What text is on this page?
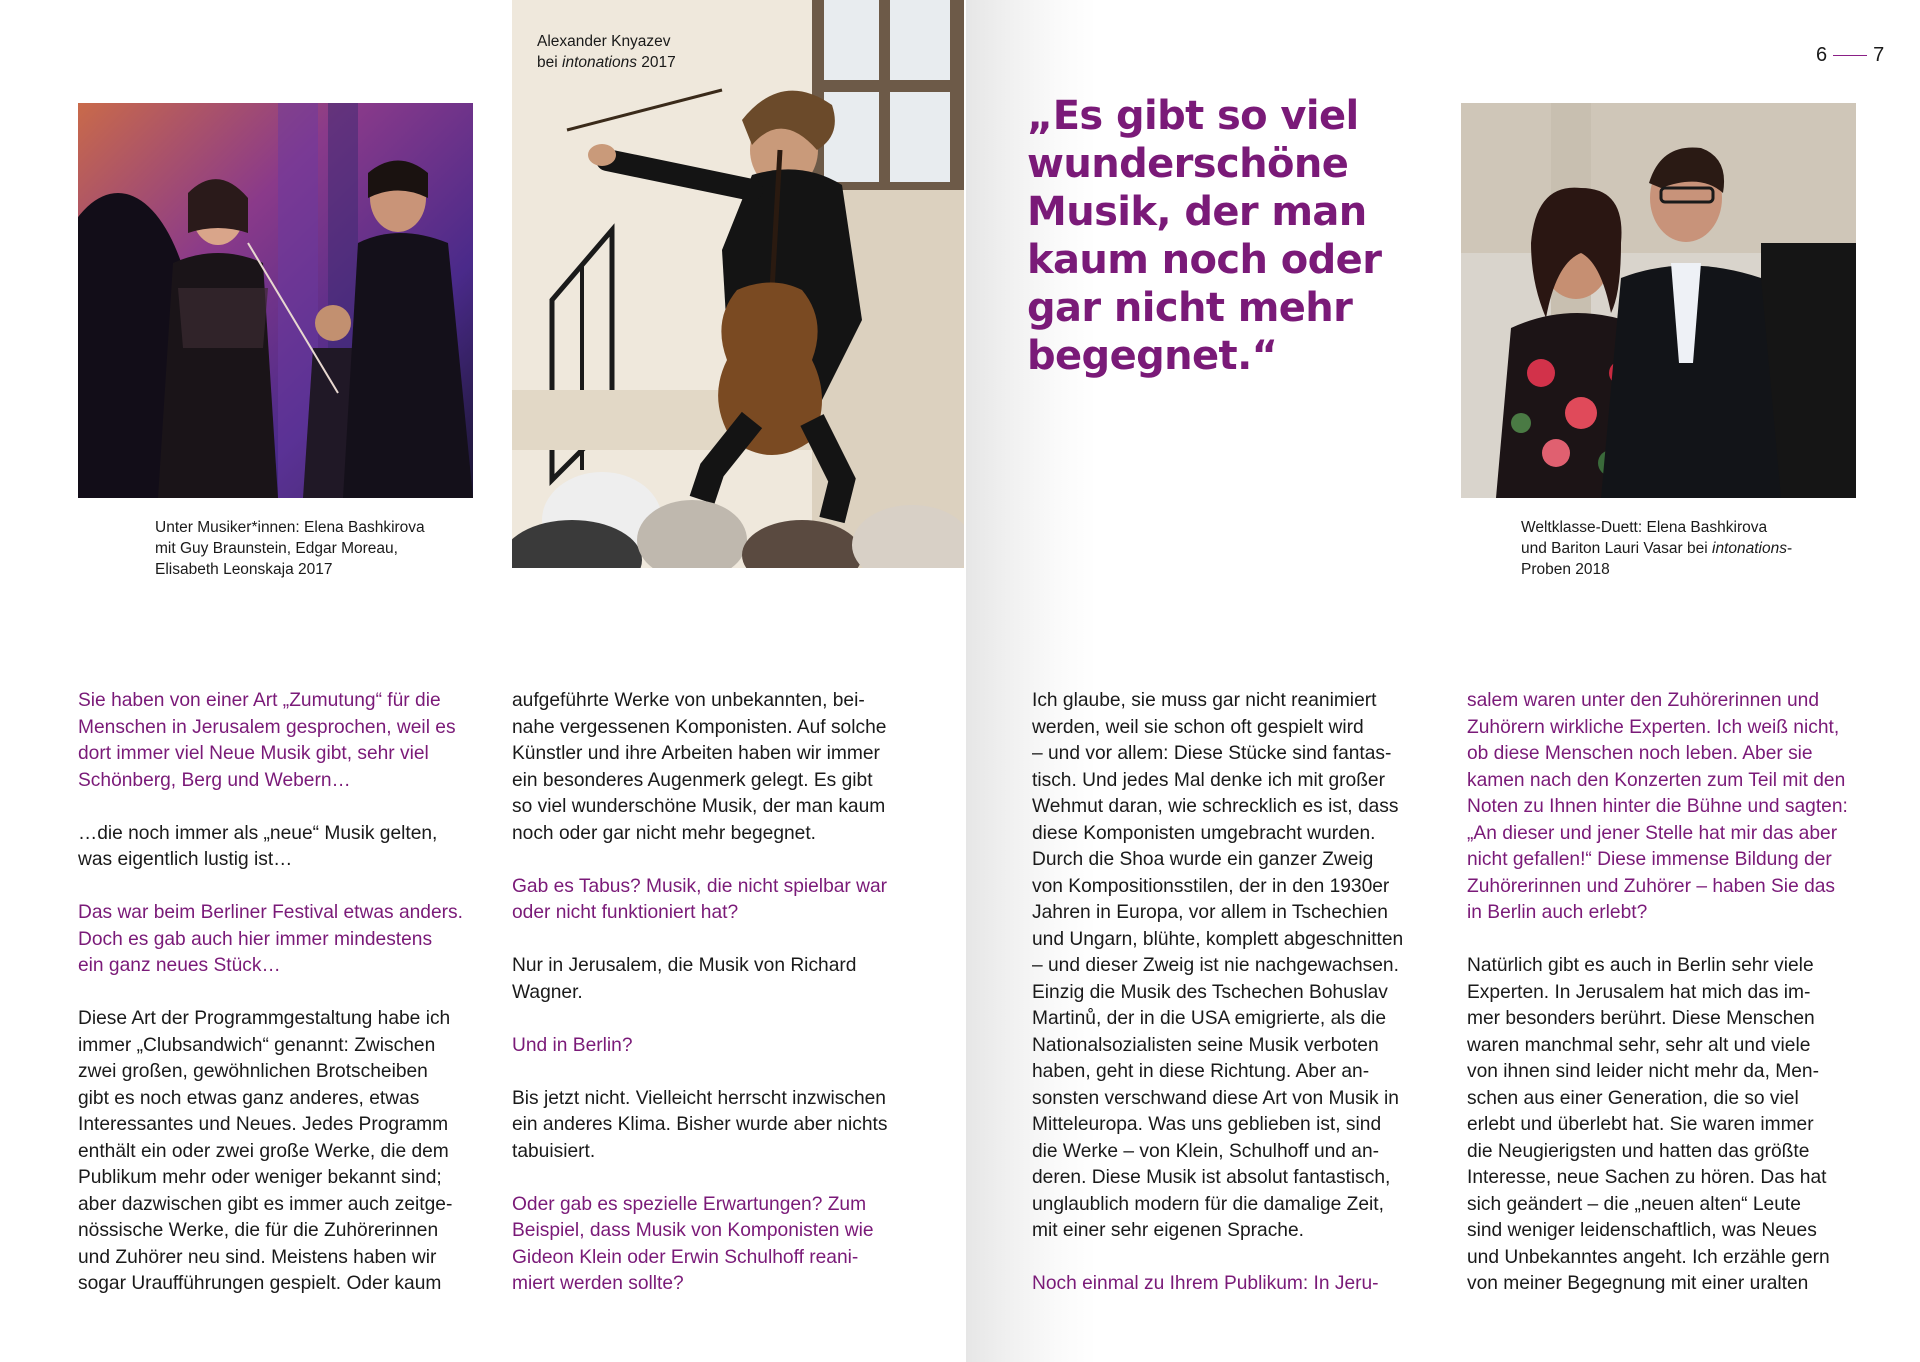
6 7
Unter Musiker*innen: Elena Bashkirova
mit Guy Braunstein, Edgar Moreau,
Elisabeth Leonskaja 2017
Alexander Knyazev
bei intonations 2017
Weltklasse-Duett: Elena Bashkirova
und Bariton Lauri Vasar bei intonations-
Proben 2018
„Es gibt so viel
wunderschöne
Musik, der man
kaum noch oder
gar nicht mehr
begegnet.“

Sie haben von einer Art „Zumutung“ für die
Menschen in Jerusalem gesprochen, weil es
dort immer viel Neue Musik gibt, sehr viel
Schönberg, Berg und Webern…

…die noch immer als „neue“ Musik gelten,
was eigentlich lustig ist…

Das war beim Berliner Festival etwas anders.
Doch es gab auch hier immer mindestens
ein ganz neues Stück…

Diese Art der Programmgestaltung habe ich
immer „Clubsandwich“ genannt: Zwischen
zwei großen, gewöhnlichen Brotscheiben
gibt es noch etwas ganz anderes, etwas
Interessantes und Neues. Jedes Programm
enthält ein oder zwei große Werke, die dem
Publikum mehr oder weniger bekannt sind;
aber dazwischen gibt es immer auch zeitge-
nössische Werke, die für die Zuhörerinnen
und Zuhörer neu sind. Meistens haben wir
sogar Uraufführungen gespielt. Oder kaum

aufgeführte Werke von unbekannten, bei-
nahe vergessenen Komponisten. Auf solche
Künstler und ihre Arbeiten haben wir immer
ein besonderes Augenmerk gelegt. Es gibt
so viel wunderschöne Musik, der man kaum
noch oder gar nicht mehr begegnet.

Gab es Tabus? Musik, die nicht spielbar war
oder nicht funktioniert hat?

Nur in Jerusalem, die Musik von Richard
Wagner.

Und in Berlin?

Bis jetzt nicht. Vielleicht herrscht inzwischen
ein anderes Klima. Bisher wurde aber nichts
tabuisiert.

Oder gab es spezielle Erwartungen? Zum
Beispiel, dass Musik von Komponisten wie
Gideon Klein oder Erwin Schulhoff reani-
miert werden sollte?

Ich glaube, sie muss gar nicht reanimiert
werden, weil sie schon oft gespielt wird
– und vor allem: Diese Stücke sind fantas-
tisch. Und jedes Mal denke ich mit großer
Wehmut daran, wie schrecklich es ist, dass
diese Komponisten umgebracht wurden.
Durch die Shoa wurde ein ganzer Zweig
von Kompositionsstilen, der in den 1930er
Jahren in Europa, vor allem in Tschechien
und Ungarn, blühte, komplett abgeschnitten
– und dieser Zweig ist nie nachgewachsen.
Einzig die Musik des Tschechen Bohuslav
Martinů, der in die USA emigrierte, als die
Nationalsozialisten seine Musik verboten
haben, geht in diese Richtung. Aber an-
sonsten verschwand diese Art von Musik in
Mitteleuropa. Was uns geblieben ist, sind
die Werke – von Klein, Schulhoff und an-
deren. Diese Musik ist absolut fantastisch,
unglaublich modern für die damalige Zeit,
mit einer sehr eigenen Sprache.

Noch einmal zu Ihrem Publikum: In Jeru-

salem waren unter den Zuhörerinnen und
Zuhörern wirkliche Experten. Ich weiß nicht,
ob diese Menschen noch leben. Aber sie
kamen nach den Konzerten zum Teil mit den
Noten zu Ihnen hinter die Bühne und sagten:
„An dieser und jener Stelle hat mir das aber
nicht gefallen!“ Diese immense Bildung der
Zuhörerinnen und Zuhörer – haben Sie das
in Berlin auch erlebt?

Natürlich gibt es auch in Berlin sehr viele
Experten. In Jerusalem hat mich das im-
mer besonders berührt. Diese Menschen
waren manchmal sehr, sehr alt und viele
von ihnen sind leider nicht mehr da, Men-
schen aus einer Generation, die so viel
erlebt und überlebt hat. Sie waren immer
die Neugierigsten und hatten das größte
Interesse, neue Sachen zu hören. Das hat
sich geändert – die „neuen alten“ Leute
sind weniger leidenschaftlich, was Neues
und Unbekanntes angeht. Ich erzähle gern
von meiner Begegnung mit einer uralten
